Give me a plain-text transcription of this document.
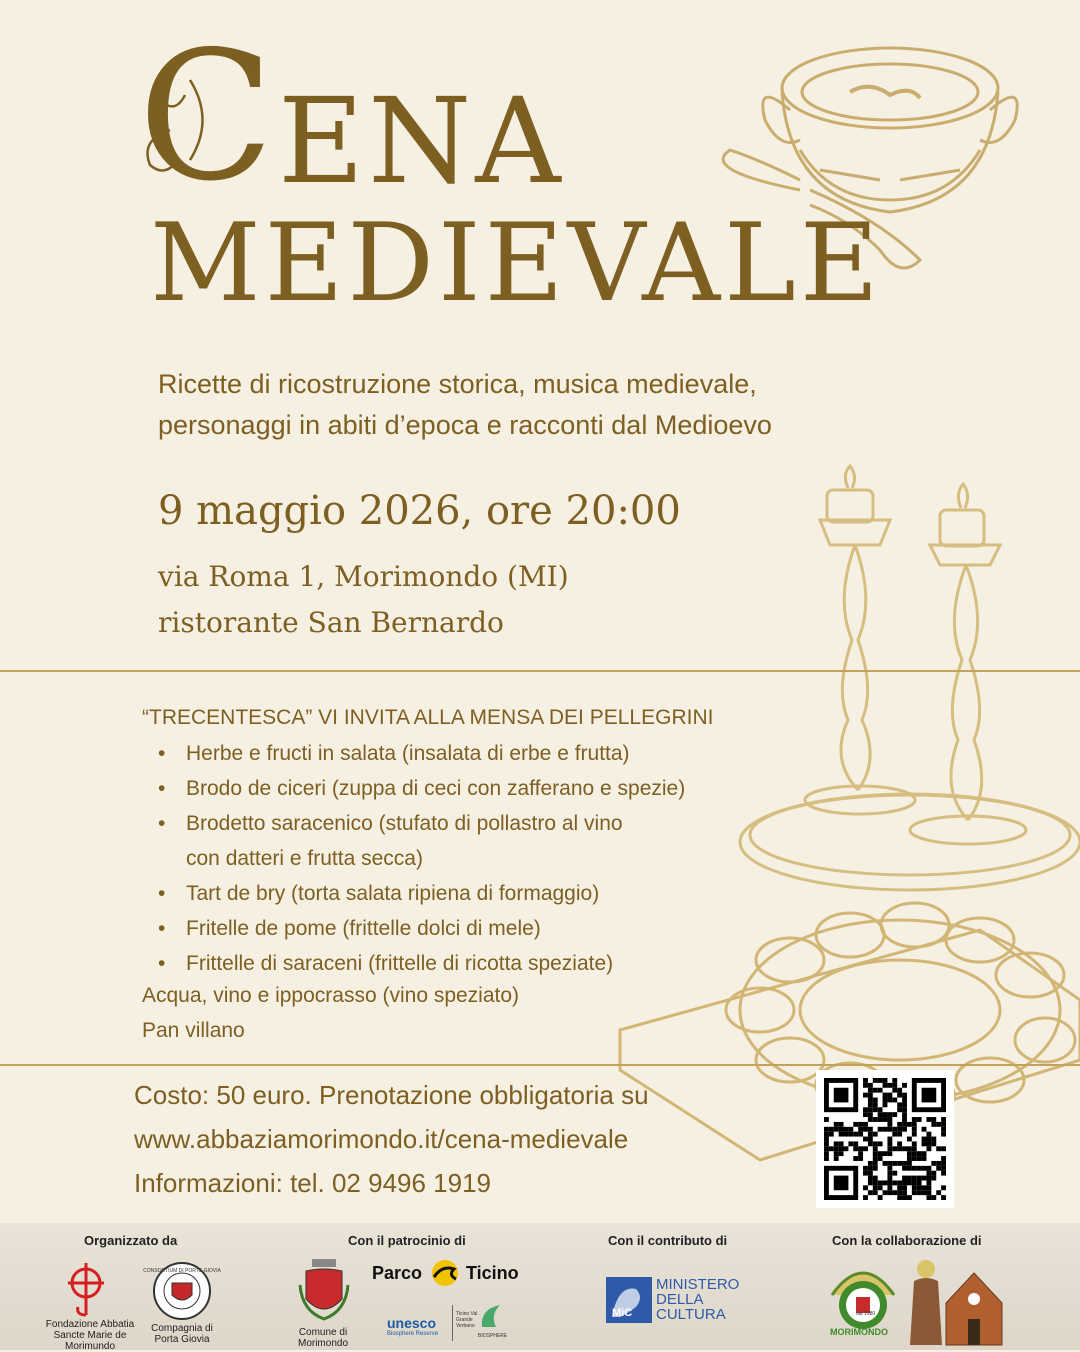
C ENA
MEDIEVALE
Ricette di ricostruzione storica, musica medievale,
personaggi in abiti d’epoca e racconti dal Medioevo
9 maggio 2026, ore 20:00
via Roma 1, Morimondo (MI)
ristorante San Bernardo
“TRECENTESCA” VI INVITA ALLA MENSA DEI PELLEGRINI
• Herbe e fructi in salata (insalata di erbe e frutta)
• Brodo de ciceri (zuppa di ceci con zafferano e spezie)
• Brodetto saracenico (stufato di pollastro al vino
con datteri e frutta secca)
• Tart de bry (torta salata ripiena di formaggio)
• Fritelle de pome (frittelle dolci di mele)
• Frittelle di saraceni (frittelle di ricotta speziate)
Acqua, vino e ippocrasso (vino speziato)
Pan villano
Costo: 50 euro. Prenotazione obbligatoria su
www.abbaziamorimondo.it/cena-medievale
Informazioni: tel. 02 9496 1919
Organizzato da
Fondazione Abbatia Sancte Marie de Morimundo
CONSORTIUM DI PORTE GIOVIA
Compagnia di Porta Giovia
Con il patrocinio di
Comune di Morimondo
Parco Ticino
unesco
Biosphere Reserve
Ticino Val Grande Verbano
BIOSPHERE
Con il contributo di
MiC
MINISTERO
DELLA
CULTURA
Con la collaborazione di
MORIMONDO
dal 1980
